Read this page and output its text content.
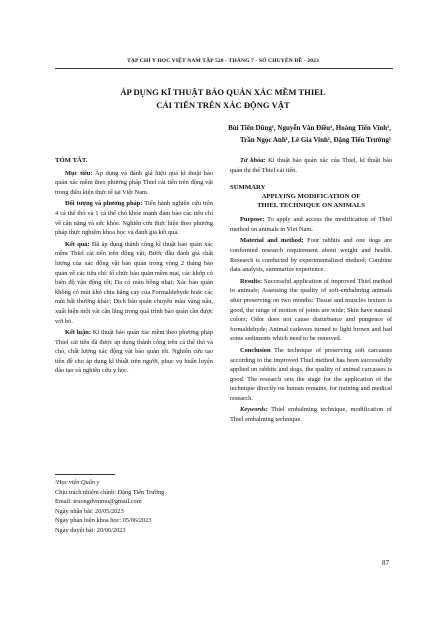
TẠP CHÍ Y HỌC VIỆT NAM TẬP 528 - THÁNG 7 - SỐ CHUYÊN ĐỀ - 2023
ÁP DỤNG KĨ THUẬT BẢO QUẢN XÁC MỀM THIEL
CẢI TIẾN TRÊN XÁC ĐỘNG VẬT
Bùi Tiến Dũng¹, Nguyễn Văn Điều¹, Hoàng Tiến Vĩnh¹,
Trần Ngọc Anh¹, Lê Gia Vinh¹, Đặng Tiến Trường¹
TÓM TẮT.

Mục tiêu: Áp dụng và đánh giá hiệu quả kĩ thuật bảo quản xác mềm theo phương pháp Thiel cải tiến trên động vật trong điều kiện thực tế tại Việt Nam.

Đối tượng và phương pháp: Tiến hành nghiên cứu trên 4 cá thể thỏ và 1 cá thể chó khỏe mạnh đảm bảo các tiêu chí về cân nặng và sức khỏe. Nghiên cứu thực hiện theo phương pháp thực nghiệm khoa học và đánh giá kết quả.

Kết quả: Đã áp dụng thành công kĩ thuật bảo quản xác mềm Thiel cải tiến trên động vật; Bước đầu đánh giá chất lượng của xác động vật bảo quản trong vòng 2 tháng bảo quản về các tiêu chí: tổ chức bảo quản mềm mại, các khớp có biên độ vận động tốt; Da có màu hồng nhạt; Xác bảo quản không có mùi khó chịu hăng cay của Formaldehyde hoặc các mùi bất thường khác; Dịch bảo quản chuyển màu vàng nâu, xuất hiện một vài cặn lắng trong quá trình bảo quản cần được vớt bỏ.

Kết luận: Kĩ thuật bảo quản xác mềm theo phương pháp Thiel cải tiến đã được áp dụng thành công trên cá thể thỏ và chó, chất lượng xác động vật bảo quản tốt. Nghiên cứu tạo tiền đề cho áp dụng kĩ thuật trên người, phục vụ huấn luyện đào tạo và nghiên cứu y học.

Từ khóa: Kĩ thuật bảo quản xác của Thiel, kĩ thuật bảo quản thi thể Thiel cải tiến.

SUMMARY
APPLYING MODIFICATION OF
THIEL TECHNIQUE ON ANIMALS

Purpose: To apply and access the modification of Thiel method on animals in Viet Nam.

Material and method: Four rabbits and one dogs are conformed research requirement about weight and health. Research is conducted by experimentalized method; Combine data analysis, summarize experience.

Results: Successful application of improved Thiel method to animals; Assessing the quality of soft-embalming animals after preserving on two months: Tissue and muscles texture is good, the range of motion of joints are wide; Skin have natural colors; Odor does not cause disturbance and pungence of formaldehyde; Animal cadavers turned to light brown and had some sediments which need to be removed.

Conclusion The technique of preserving soft carcasses according to the improved Thiel method has been successfully applied on rabbits and dogs, the quality of animal carcasses is good. The research sets the stage for the application of the technique directly on human remains, for training and medical research.

Keywords: Thiel embalming technique, modification of Thiel embalming technique.

¹Học viện Quân y
Chịu trách nhiệm chính: Đặng Tiến Trường
Email: truongdvmmu@gmail.com
Ngày nhận bài: 20/05/2023
Ngày phản biện khoa học: 05/06/2023
Ngày duyệt bài: 20/06/2023
87
